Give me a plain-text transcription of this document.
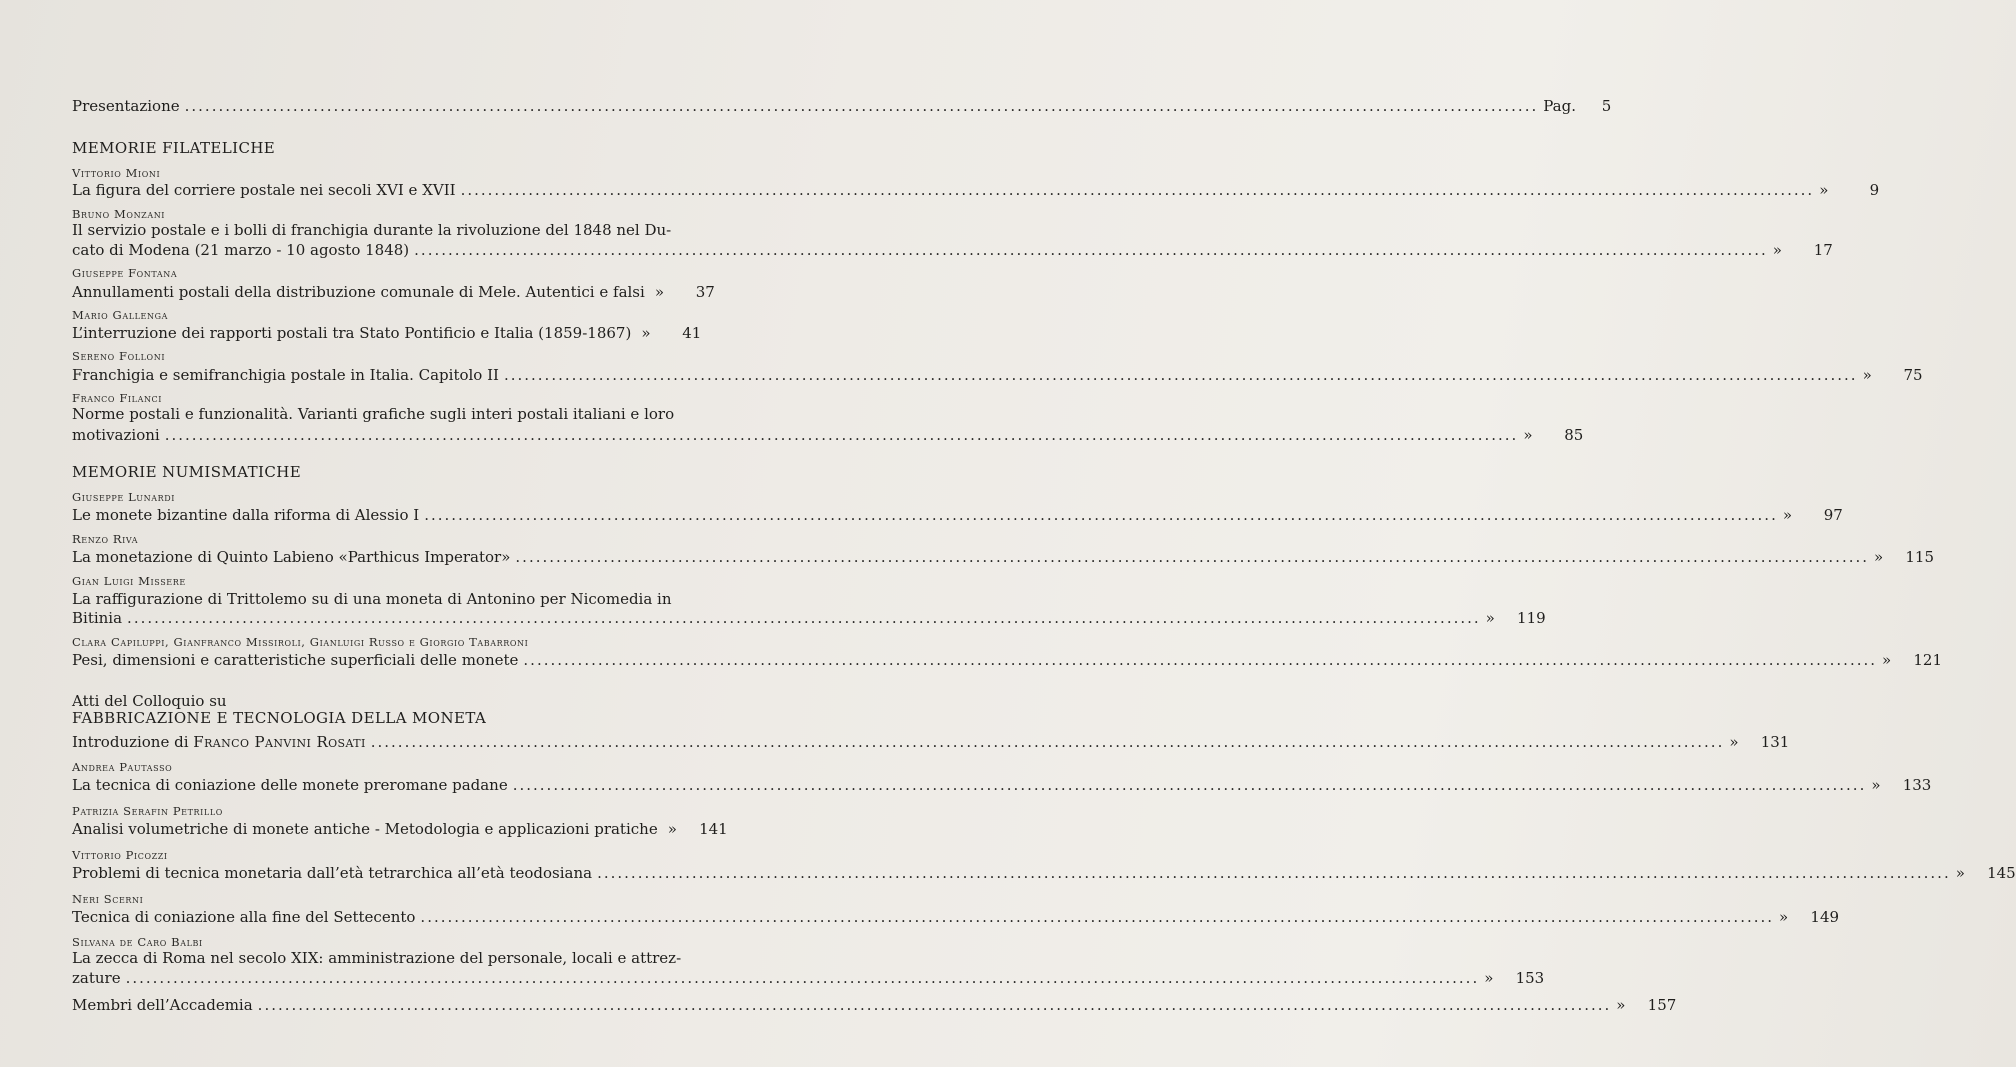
Presentazione ........................................................................................................................................................................................................ Pag.	5
MEMORIE FILATELICHE
Vittorio Mioni
La figura del corriere postale nei secoli XVI e XVII ........................................................................................................................................................................................................ »	9
Bruno Monzani
Il servizio postale e i bolli di franchigia durante la rivoluzione del 1848 nel Du-
cato di Modena (21 marzo - 10 agosto 1848) ........................................................................................................................................................................................................ »	17
Giuseppe Fontana
Annullamenti postali della distribuzione comunale di Mele. Autentici e falsi »	37
Mario Gallenga
L’interruzione dei rapporti postali tra Stato Pontificio e Italia (1859-1867) »	41
Sereno Folloni
Franchigia e semifranchigia postale in Italia. Capitolo II ........................................................................................................................................................................................................ »	75
Franco Filanci
Norme postali e funzionalità. Varianti grafiche sugli interi postali italiani e loro
motivazioni ........................................................................................................................................................................................................ »	85
MEMORIE NUMISMATICHE
Giuseppe Lunardi
Le monete bizantine dalla riforma di Alessio I ........................................................................................................................................................................................................ »	97
Renzo Riva
La monetazione di Quinto Labieno «Parthicus Imperator» ........................................................................................................................................................................................................ »	115
Gian Luigi Missere
La raffigurazione di Trittolemo su di una moneta di Antonino per Nicomedia in
Bitinia ........................................................................................................................................................................................................ »	119
Clara Capiluppi, Gianfranco Missiroli, Gianluigi Russo e Giorgio Tabarroni
Pesi, dimensioni e caratteristiche superficiali delle monete ........................................................................................................................................................................................................ »	121
Atti del Colloquio su
FABBRICAZIONE E TECNOLOGIA DELLA MONETA
Introduzione di Franco Panvini Rosati ........................................................................................................................................................................................................ »	131
Andrea Pautasso
La tecnica di coniazione delle monete preromane padane ........................................................................................................................................................................................................ »	133
Patrizia Serafin Petrillo
Analisi volumetriche di monete antiche - Metodologia e applicazioni pratiche »	141
Vittorio Picozzi
Problemi di tecnica monetaria dall’età tetrarchica all’età teodosiana ........................................................................................................................................................................................................ »	145
Neri Scerni
Tecnica di coniazione alla fine del Settecento ........................................................................................................................................................................................................ »	149
Silvana de Caro Balbi
La zecca di Roma nel secolo XIX: amministrazione del personale, locali e attrez-
zature ........................................................................................................................................................................................................ »	153
Membri dell’Accademia ........................................................................................................................................................................................................ »	157
